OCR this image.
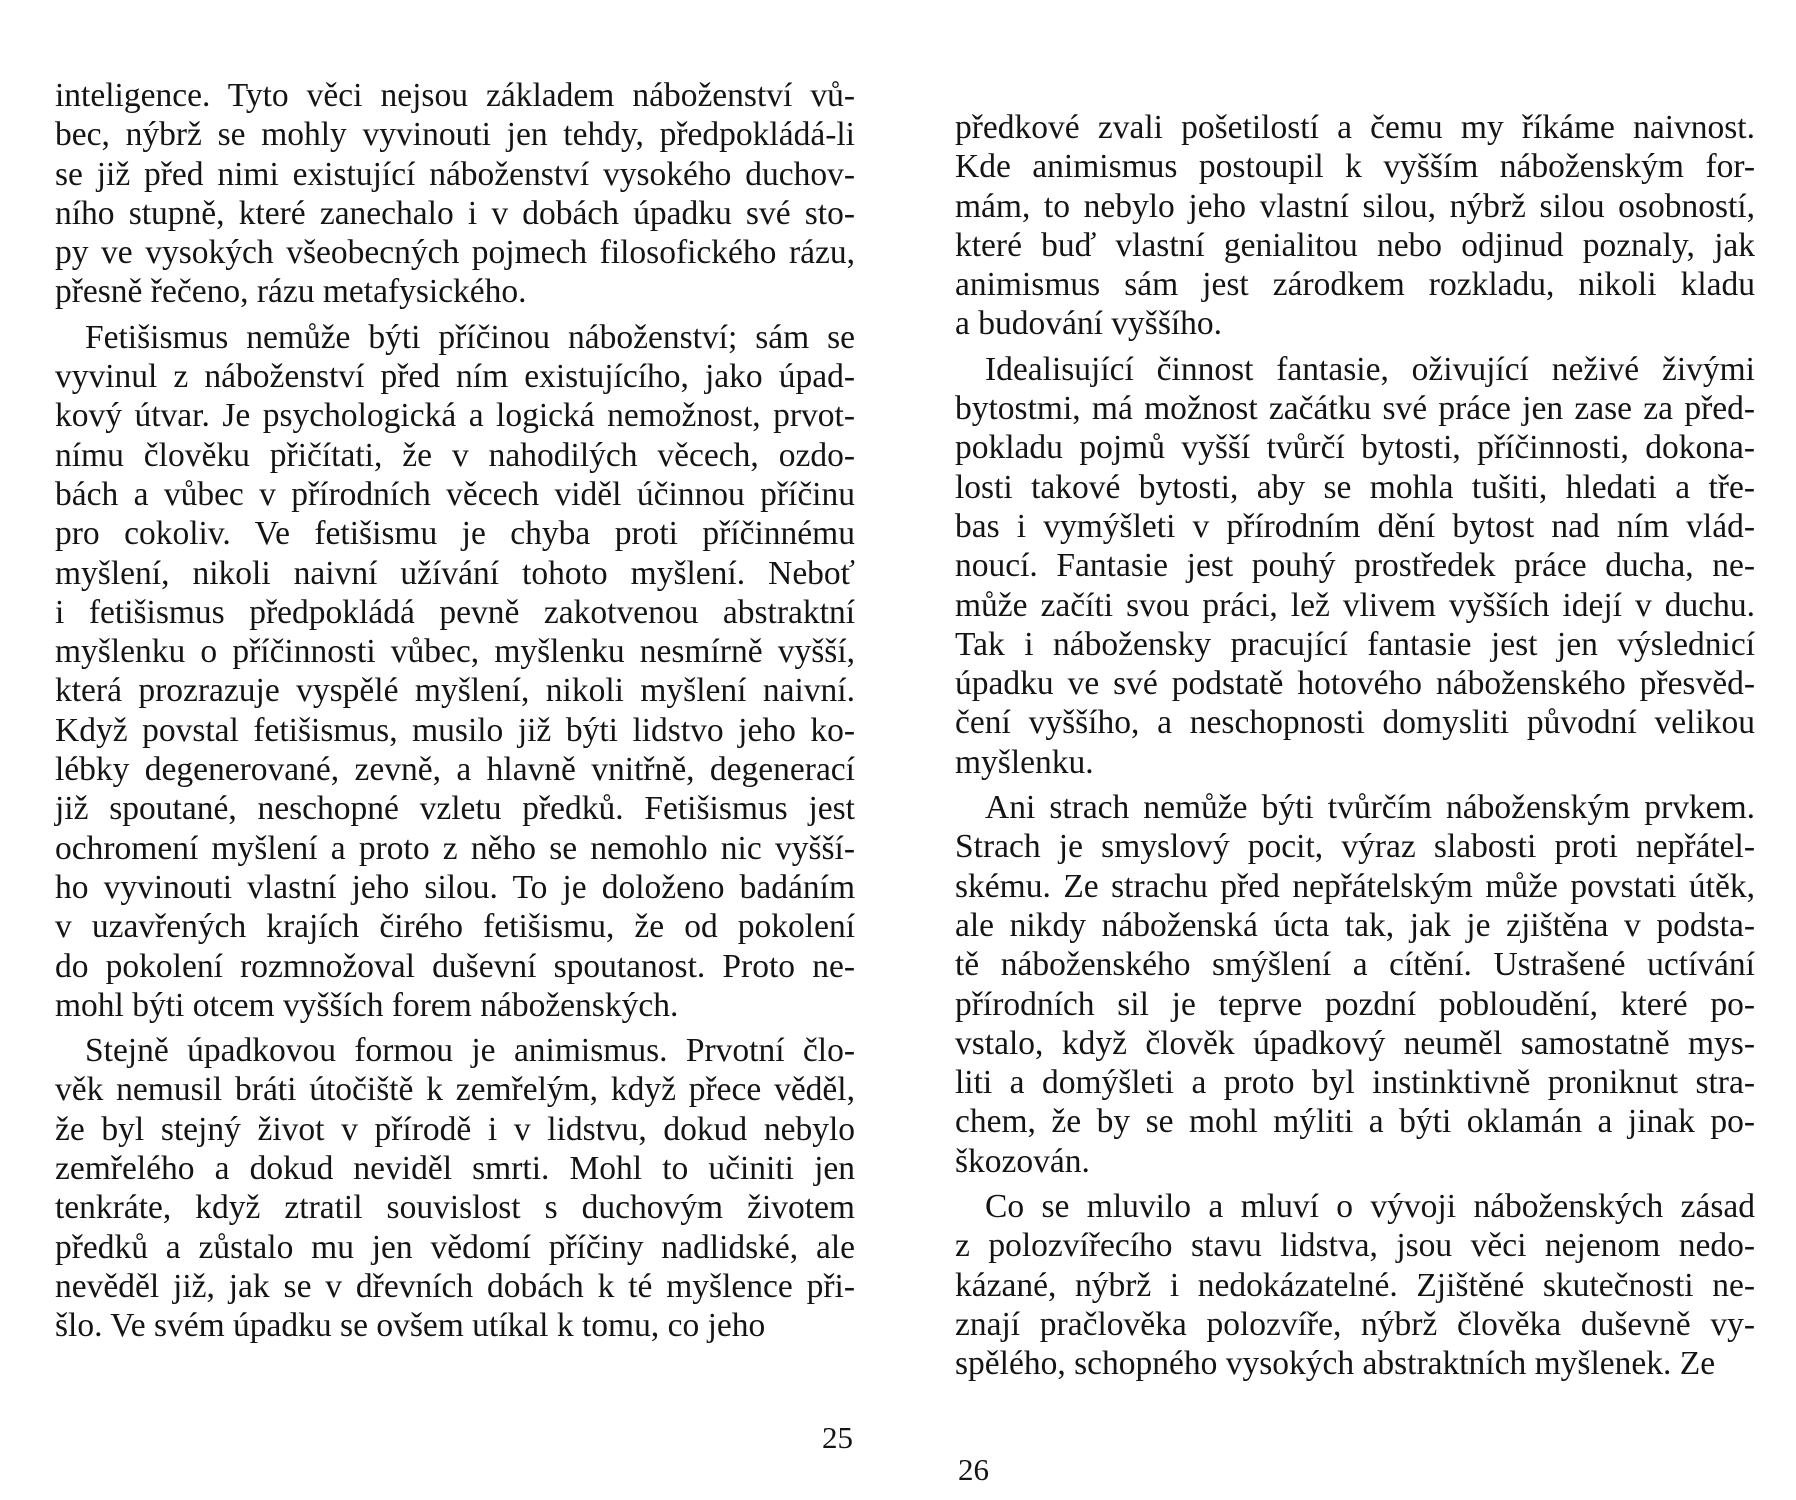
inteligence. Tyto věci nejsou základem náboženství vů-
bec, nýbrž se mohly vyvinouti jen tehdy, předpokládá-li
se již před nimi existující náboženství vysokého duchov-
ního stupně, které zanechalo i v dobách úpadku své sto-
py ve vysokých všeobecných pojmech filosofického rázu,
přesně řečeno, rázu metafysického.
Fetišismus nemůže býti příčinou náboženství; sám se
vyvinul z náboženství před ním existujícího, jako úpad-
kový útvar. Je psychologická a logická nemožnost, prvot-
nímu člověku přičítati, že v nahodilých věcech, ozdo-
bách a vůbec v přírodních věcech viděl účinnou příčinu
pro cokoliv. Ve fetišismu je chyba proti příčinnému
myšlení, nikoli naivní užívání tohoto myšlení. Neboť
i fetišismus předpokládá pevně zakotvenou abstraktní
myšlenku o příčinnosti vůbec, myšlenku nesmírně vyšší,
která prozrazuje vyspělé myšlení, nikoli myšlení naivní.
Když povstal fetišismus, musilo již býti lidstvo jeho ko-
lébky degenerované, zevně, a hlavně vnitřně, degenerací
již spoutané, neschopné vzletu předků. Fetišismus jest
ochromení myšlení a proto z něho se nemohlo nic vyšší-
ho vyvinouti vlastní jeho silou. To je doloženo badáním
v uzavřených krajích čirého fetišismu, že od pokolení
do pokolení rozmnožoval duševní spoutanost. Proto ne-
mohl býti otcem vyšších forem náboženských.
Stejně úpadkovou formou je animismus. Prvotní člo-
věk nemusil bráti útočiště k zemřelým, když přece věděl,
že byl stejný život v přírodě i v lidstvu, dokud nebylo
zemřelého a dokud neviděl smrti. Mohl to učiniti jen
tenkráte, když ztratil souvislost s duchovým životem
předků a zůstalo mu jen vědomí příčiny nadlidské, ale
nevěděl již, jak se v dřevních dobách k té myšlence při-
šlo. Ve svém úpadku se ovšem utíkal k tomu, co jeho
25
předkové zvali pošetilostí a čemu my říkáme naivnost.
Kde animismus postoupil k vyšším náboženským for-
mám, to nebylo jeho vlastní silou, nýbrž silou osobností,
které buď vlastní genialitou nebo odjinud poznaly, jak
animismus sám jest zárodkem rozkladu, nikoli kladu
a budování vyššího.
Idealisující činnost fantasie, oživující neživé živými
bytostmi, má možnost začátku své práce jen zase za před-
pokladu pojmů vyšší tvůrčí bytosti, příčinnosti, dokona-
losti takové bytosti, aby se mohla tušiti, hledati a tře-
bas i vymýšleti v přírodním dění bytost nad ním vlád-
noucí. Fantasie jest pouhý prostředek práce ducha, ne-
může začíti svou práci, lež vlivem vyšších idejí v duchu.
Tak i nábožensky pracující fantasie jest jen výslednicí
úpadku ve své podstatě hotového náboženského přesvěd-
čení vyššího, a neschopnosti domysliti původní velikou
myšlenku.
Ani strach nemůže býti tvůrčím náboženským prvkem.
Strach je smyslový pocit, výraz slabosti proti nepřátel-
skému. Ze strachu před nepřátelským může povstati útěk,
ale nikdy náboženská úcta tak, jak je zjištěna v podsta-
tě náboženského smýšlení a cítění. Ustrašené uctívání
přírodních sil je teprve pozdní pobloudění, které po-
vstalo, když člověk úpadkový neuměl samostatně mys-
liti a domýšleti a proto byl instinktivně proniknut stra-
chem, že by se mohl mýliti a býti oklamán a jinak po-
škozován.
Co se mluvilo a mluví o vývoji náboženských zásad
z polozvířecího stavu lidstva, jsou věci nejenom nedo-
kázané, nýbrž i nedokázatelné. Zjištěné skutečnosti ne-
znají pračlověka polozvíře, nýbrž člověka duševně vy-
spělého, schopného vysokých abstraktních myšlenek. Ze
26
